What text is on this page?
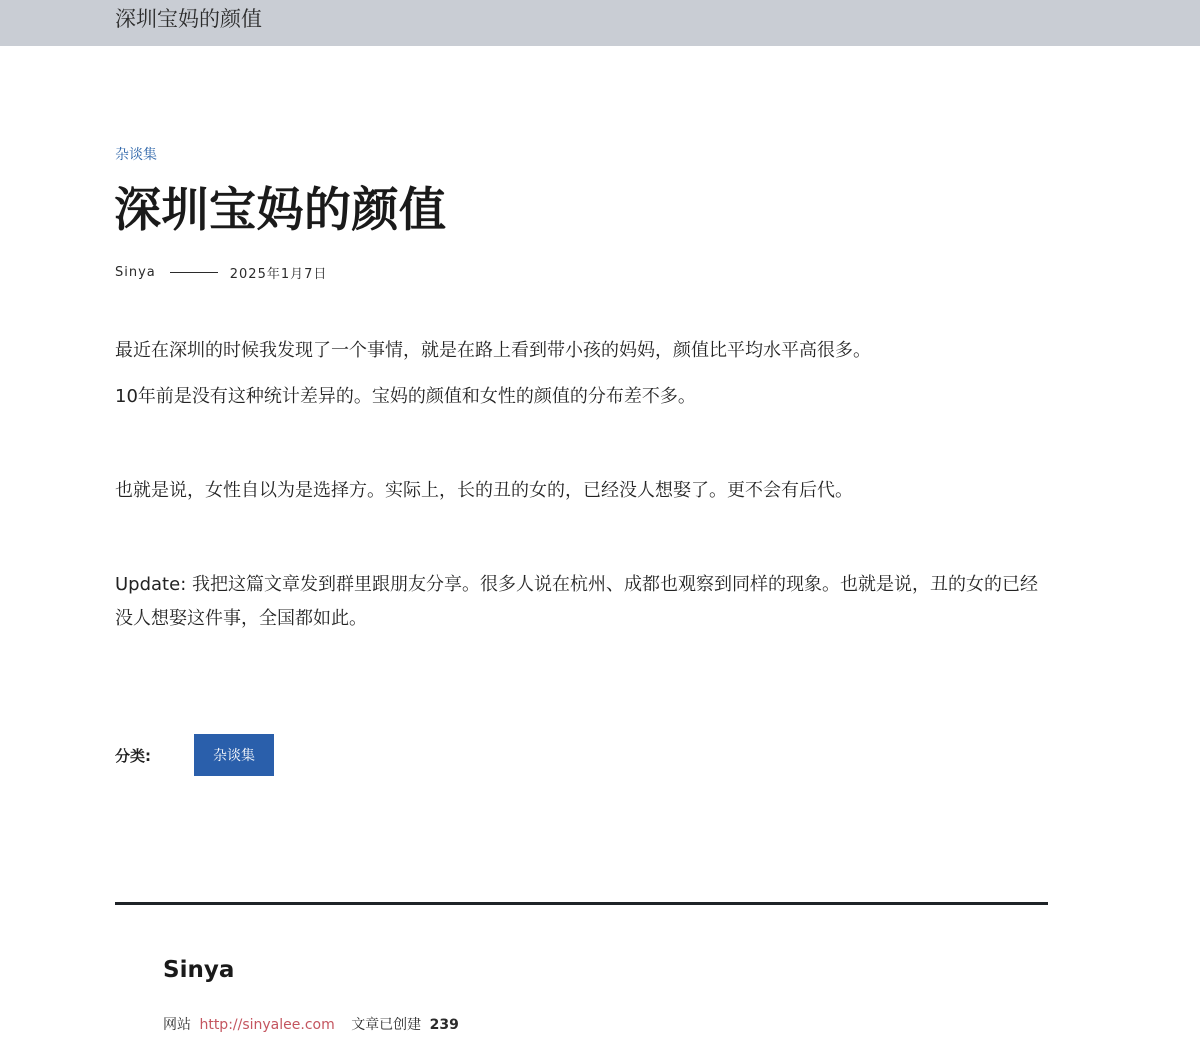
深圳宝妈的颜值
杂谈集
深圳宝妈的颜值
Sinya	2025年1月7日

最近在深圳的时候我发现了一个事情，就是在路上看到带小孩的妈妈，颜值比平均水平高很多。

10年前是没有这种统计差异的。宝妈的颜值和女性的颜值的分布差不多。

也就是说，女性自以为是选择方。实际上，长的丑的女的，已经没人想娶了。更不会有后代。

Update: 我把这篇文章发到群里跟朋友分享。很多人说在杭州、成都也观察到同样的现象。也就是说，丑的女的已经没人想娶这件事，全国都如此。

分类:	杂谈集
Sinya
网站 http://sinyalee.com 文章已创建 239
